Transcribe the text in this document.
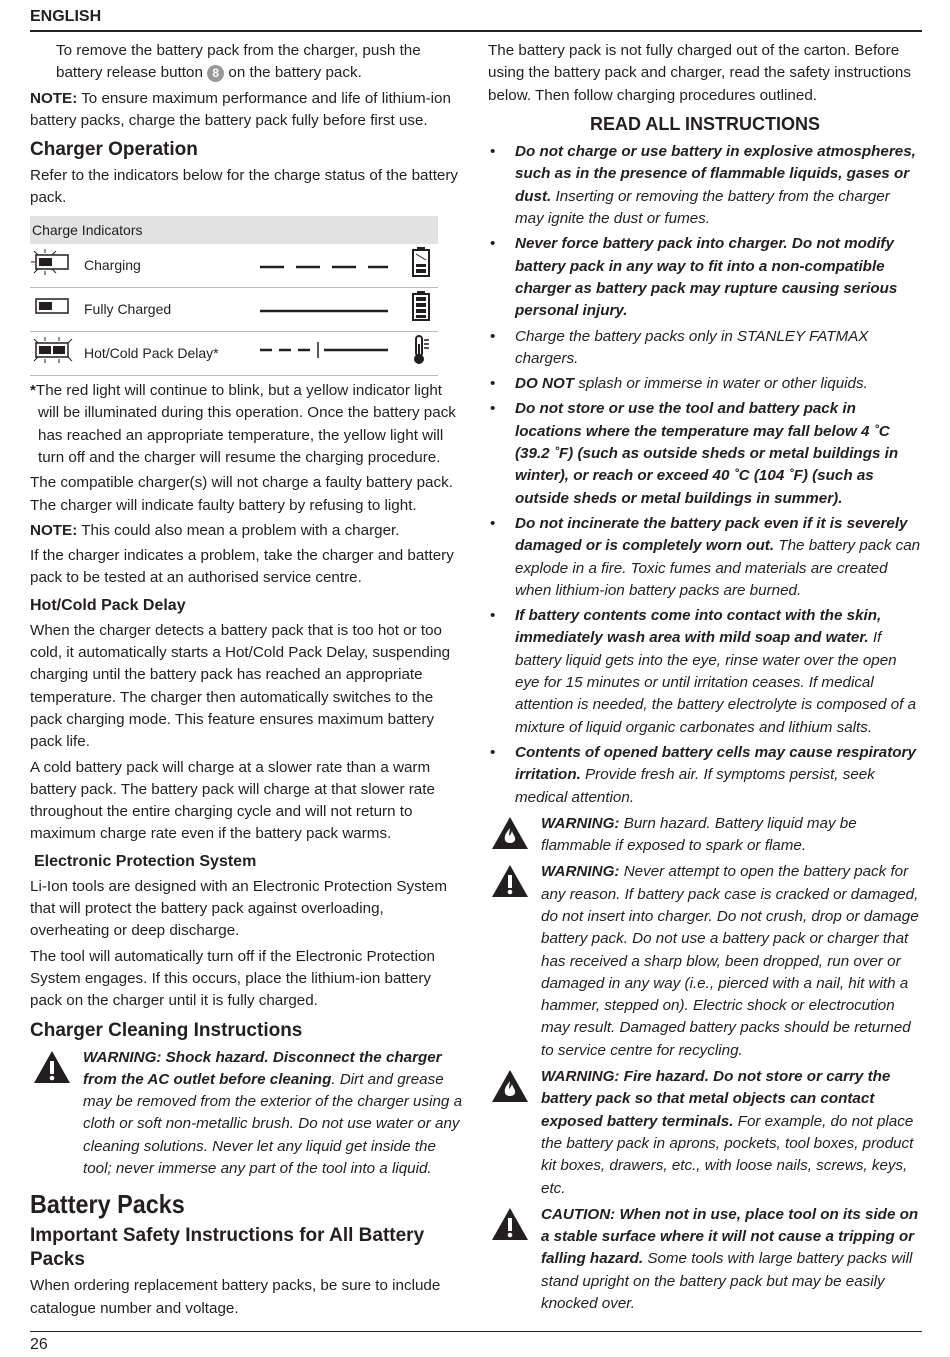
ENGLISH

To remove the battery pack from the charger, push the battery release button 8 on the battery pack.

NOTE: To ensure maximum performance and life of lithium-ion battery packs, charge the battery pack fully before first use.

Charger Operation

Refer to the indicators below for the charge status of the battery pack.

Charge Indicators			
	Charging		
	Fully Charged		
	Hot/Cold Pack Delay*		

*The red light will continue to blink, but a yellow indicator light will be illuminated during this operation. Once the battery pack has reached an appropriate temperature, the yellow light will turn off and the charger will resume the charging procedure.

The compatible charger(s) will not charge a faulty battery pack. The charger will indicate faulty battery by refusing to light.

NOTE: This could also mean a problem with a charger.

If the charger indicates a problem, take the charger and battery pack to be tested at an authorised service centre.

Hot/Cold Pack Delay

When the charger detects a battery pack that is too hot or too cold, it automatically starts a Hot/Cold Pack Delay, suspending charging until the battery pack has reached an appropriate temperature. The charger then automatically switches to the pack charging mode. This feature ensures maximum battery pack life.

A cold battery pack will charge at a slower rate than a warm battery pack. The battery pack will charge at that slower rate throughout the entire charging cycle and will not return to maximum charge rate even if the battery pack warms.

Electronic Protection System

Li-Ion tools are designed with an Electronic Protection System that will protect the battery pack against overloading, overheating or deep discharge.

The tool will automatically turn off if the Electronic Protection System engages. If this occurs, place the lithium-ion battery pack on the charger until it is fully charged.

Charger Cleaning Instructions
WARNING: Shock hazard. Disconnect the charger from the AC outlet before cleaning. Dirt and grease may be removed from the exterior of the charger using a cloth or soft non-metallic brush. Do not use water or any cleaning solutions. Never let any liquid get inside the tool; never immerse any part of the tool into a liquid.
Battery Packs
Important Safety Instructions for All Battery Packs

When ordering replacement battery packs, be sure to include catalogue number and voltage.

The battery pack is not fully charged out of the carton. Before using the battery pack and charger, read the safety instructions below. Then follow charging procedures outlined.

READ ALL INSTRUCTIONS
• Do not charge or use battery in explosive atmospheres, such as in the presence of flammable liquids, gases or dust. Inserting or removing the battery from the charger may ignite the dust or fumes.
• Never force battery pack into charger. Do not modify battery pack in any way to fit into a non-compatible charger as battery pack may rupture causing serious personal injury.
• Charge the battery packs only in STANLEY FATMAX chargers.
• DO NOT splash or immerse in water or other liquids.
• Do not store or use the tool and battery pack in locations where the temperature may fall below 4 ˚C (39.2 ˚F) (such as outside sheds or metal buildings in winter), or reach or exceed 40 ˚C (104 ˚F) (such as outside sheds or metal buildings in summer).
• Do not incinerate the battery pack even if it is severely damaged or is completely worn out. The battery pack can explode in a fire. Toxic fumes and materials are created when lithium-ion battery packs are burned.
• If battery contents come into contact with the skin, immediately wash area with mild soap and water. If battery liquid gets into the eye, rinse water over the open eye for 15 minutes or until irritation ceases. If medical attention is needed, the battery electrolyte is composed of a mixture of liquid organic carbonates and lithium salts.
• Contents of opened battery cells may cause respiratory irritation. Provide fresh air. If symptoms persist, seek medical attention.
WARNING: Burn hazard. Battery liquid may be flammable if exposed to spark or flame.
WARNING: Never attempt to open the battery pack for any reason. If battery pack case is cracked or damaged, do not insert into charger. Do not crush, drop or damage battery pack. Do not use a battery pack or charger that has received a sharp blow, been dropped, run over or damaged in any way (i.e., pierced with a nail, hit with a hammer, stepped on). Electric shock or electrocution may result. Damaged battery packs should be returned to service centre for recycling.
WARNING: Fire hazard. Do not store or carry the battery pack so that metal objects can contact exposed battery terminals. For example, do not place the battery pack in aprons, pockets, tool boxes, product kit boxes, drawers, etc., with loose nails, screws, keys, etc.
CAUTION: When not in use, place tool on its side on a stable surface where it will not cause a tripping or falling hazard. Some tools with large battery packs will stand upright on the battery pack but may be easily knocked over.
26
